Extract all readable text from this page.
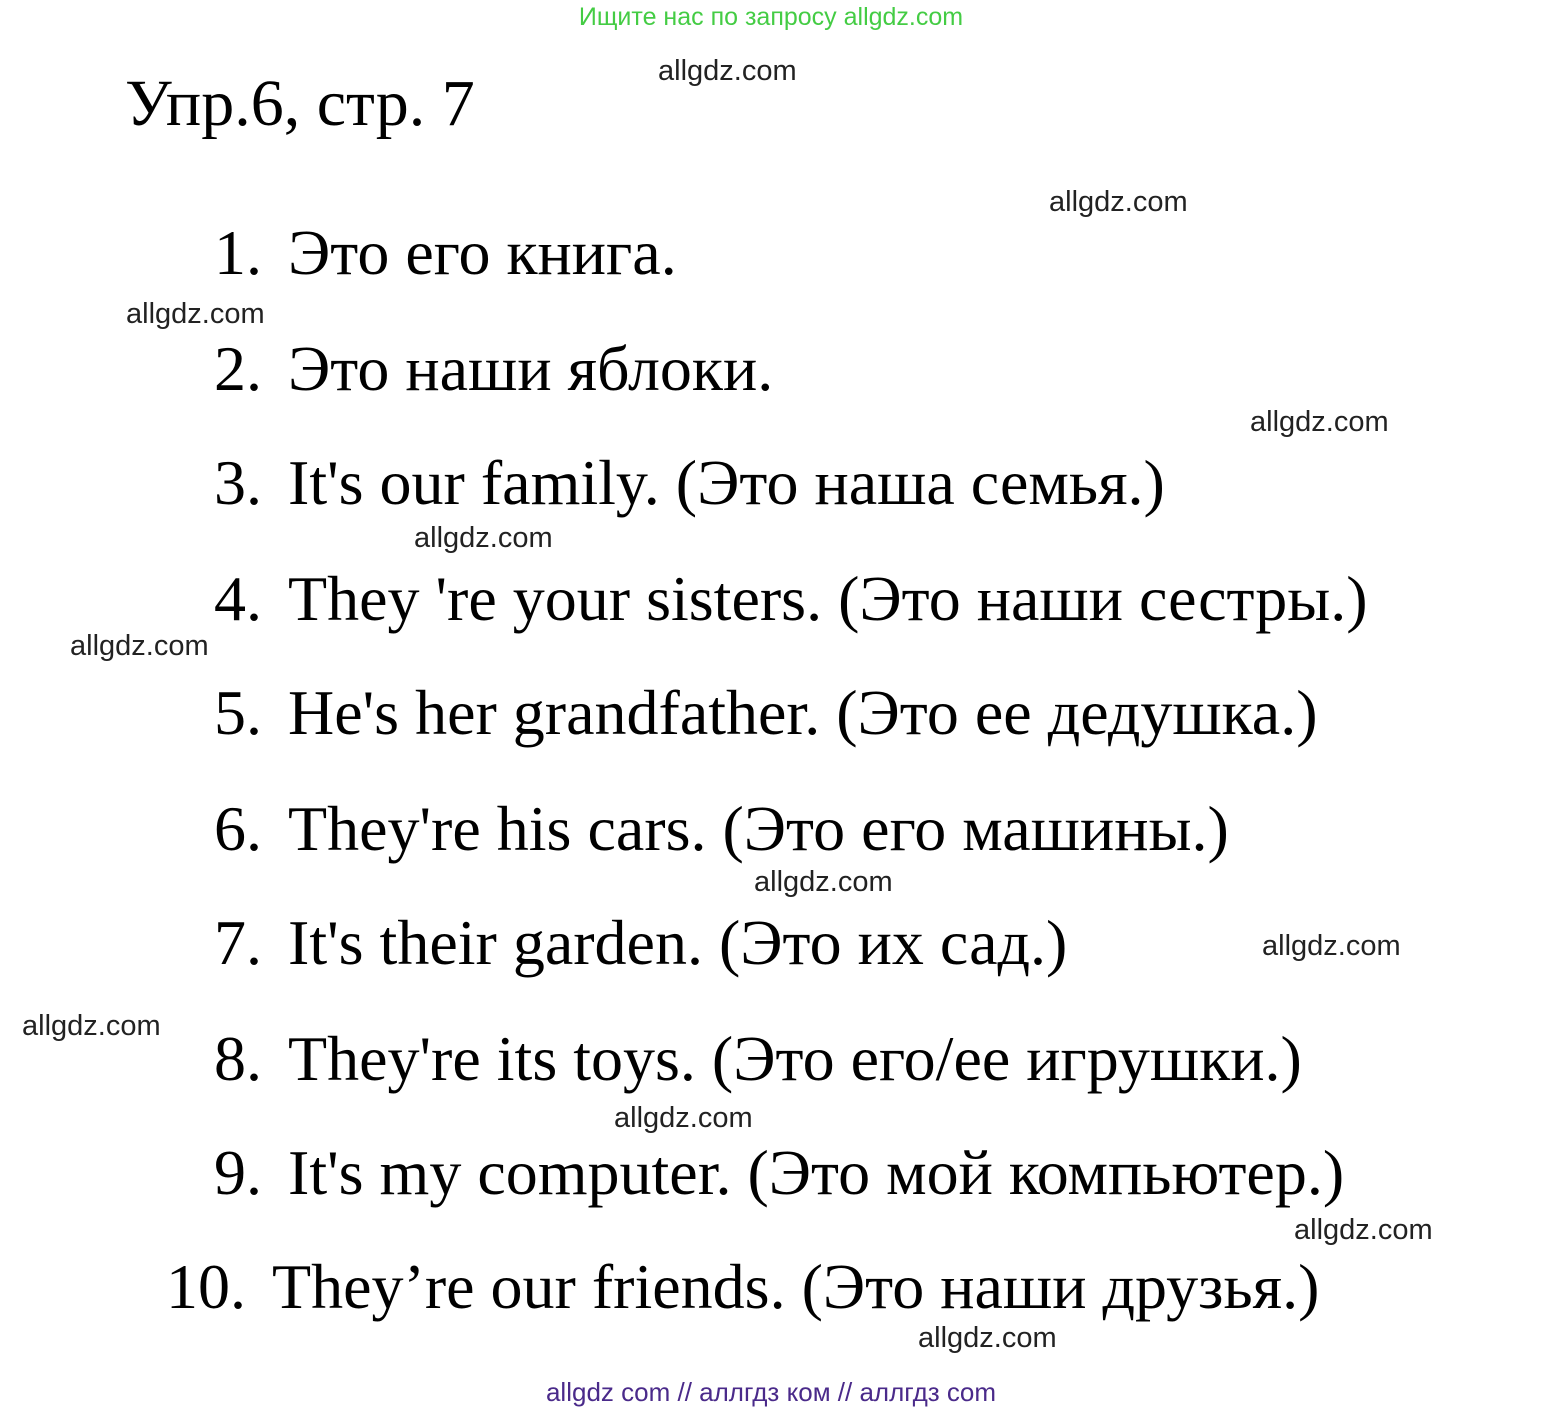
Ищите нас по запросу allgdz.com
Упр.6, стр. 7
1. Это его книга.
2. Это наши яблоки.
3. It's our family. (Это наша семья.)
4. They 're your sisters. (Это наши сестры.)
5. He's her grandfather. (Это ее дедушка.)
6. They're his cars. (Это его машины.)
7. It's their garden. (Это их сад.)
8. They're its toys. (Это его/ее игрушки.)
9. It's my computer. (Это мой компьютер.)
10. They’re our friends. (Это наши друзья.)
allgdz.com
allgdz.com
allgdz.com
allgdz.com
allgdz.com
allgdz.com
allgdz.com
allgdz.com
allgdz.com
allgdz.com
allgdz.com
allgdz.com
allgdz com // аллгдз ком // аллгдз com
